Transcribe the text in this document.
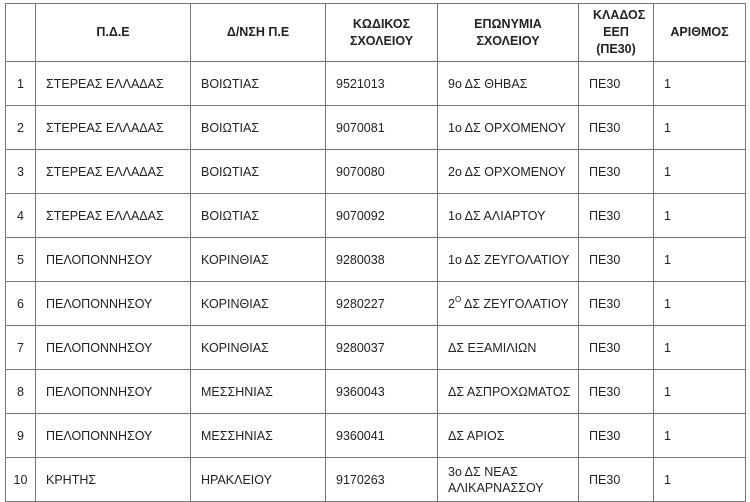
	Π.Δ.Ε	Δ/ΝΣΗ Π.Ε	ΚΩΔΙΚΟΣ ΣΧΟΛΕΙΟΥ	ΕΠΩΝΥΜΙΑ ΣΧΟΛΕΙΟΥ	ΚΛΑΔΟΣ ΕΕΠ (ΠΕ30)	ΑΡΙΘΜΟΣ
1	ΣΤΕΡΕΑΣ ΕΛΛΑΔΑΣ	ΒΟΙΩΤΙΑΣ	9521013	9ο ΔΣ ΘΗΒΑΣ	ΠΕ30	1
2	ΣΤΕΡΕΑΣ ΕΛΛΑΔΑΣ	ΒΟΙΩΤΙΑΣ	9070081	1ο ΔΣ ΟΡΧΟΜΕΝΟΥ	ΠΕ30	1
3	ΣΤΕΡΕΑΣ ΕΛΛΑΔΑΣ	ΒΟΙΩΤΙΑΣ	9070080	2ο ΔΣ ΟΡΧΟΜΕΝΟΥ	ΠΕ30	1
4	ΣΤΕΡΕΑΣ ΕΛΛΑΔΑΣ	ΒΟΙΩΤΙΑΣ	9070092	1ο ΔΣ ΑΛΙΑΡΤΟΥ	ΠΕ30	1
5	ΠΕΛΟΠΟΝΝΗΣΟΥ	ΚΟΡΙΝΘΙΑΣ	9280038	1ο ΔΣ ΖΕΥΓΟΛΑΤΙΟΥ	ΠΕ30	1
6	ΠΕΛΟΠΟΝΝΗΣΟΥ	ΚΟΡΙΝΘΙΑΣ	9280227	$2^O$ ΔΣ ΖΕΥΓΟΛΑΤΙΟΥ	ΠΕ30	1
7	ΠΕΛΟΠΟΝΝΗΣΟΥ	ΚΟΡΙΝΘΙΑΣ	9280037	ΔΣ ΕΞΑΜΙΛΙΩΝ	ΠΕ30	1
8	ΠΕΛΟΠΟΝΝΗΣΟΥ	ΜΕΣΣΗΝΙΑΣ	9360043	ΔΣ ΑΣΠΡΟΧΩΜΑΤΟΣ	ΠΕ30	1
9	ΠΕΛΟΠΟΝΝΗΣΟΥ	ΜΕΣΣΗΝΙΑΣ	9360041	ΔΣ ΑΡΙΟΣ	ΠΕ30	1
10	ΚΡΗΤΗΣ	ΗΡΑΚΛΕΙΟΥ	9170263	3ο ΔΣ ΝΕΑΣ ΑΛΙΚΑΡΝΑΣΣΟΥ	ΠΕ30	1
